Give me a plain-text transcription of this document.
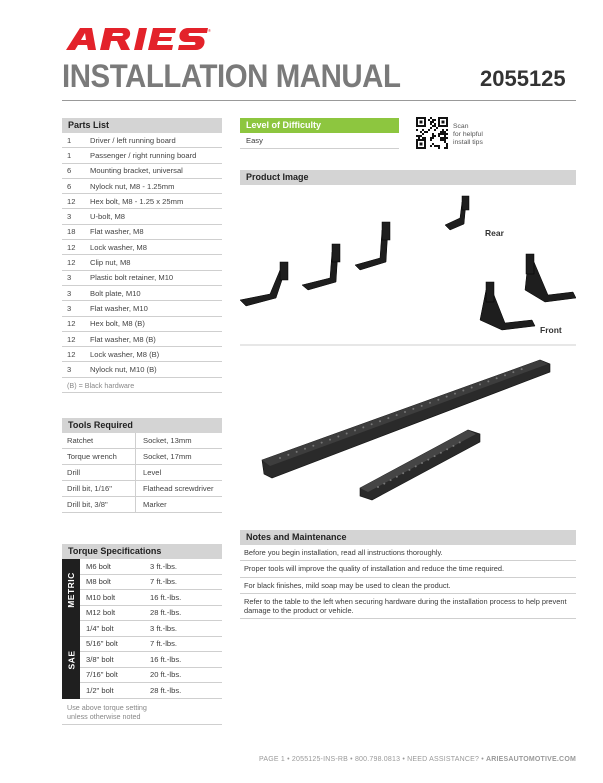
®
ARIES
INSTALLATION MANUAL	2055125
Parts List
1	Driver / left running board
1	Passenger / right running board
6	Mounting bracket, universal
6	Nylock nut, M8 - 1.25mm
12	Hex bolt, M8 - 1.25 x 25mm
3	U-bolt, M8
18	Flat washer, M8
12	Lock washer, M8
12	Clip nut, M8
3	Plastic bolt retainer, M10
3	Bolt plate, M10
3	Flat washer, M10
12	Hex bolt, M8 (B)
12	Flat washer, M8 (B)
12	Lock washer, M8 (B)
3	Nylock nut, M10 (B)
(B) = Black hardware
Tools Required
Ratchet	Socket, 13mm
Torque wrench	Socket, 17mm
Drill	Level
Drill bit, 1/16"	Flathead screwdriver
Drill bit, 3/8"	Marker
Torque Specifications
METRIC
M6 bolt	3 ft.-lbs.
M8 bolt	7 ft.-lbs.
M10 bolt	16 ft.-lbs.
M12 bolt	28 ft.-lbs.
SAE
1/4" bolt	3 ft.-lbs.
5/16" bolt	7 ft.-lbs.
3/8" bolt	16 ft.-lbs.
7/16" bolt	20 ft.-lbs.
1/2" bolt	28 ft.-lbs.
Use above torque setting
unless otherwise noted
Level of Difficulty
Easy
Scan
for helpful
install tips
Product Image
Rear
Front
Notes and Maintenance
Before you begin installation, read all instructions thoroughly.
Proper tools will improve the quality of installation and reduce the time required.
For black finishes, mild soap may be used to clean the product.
Refer to the table to the left when securing hardware during the installation process to help prevent damage to the product or vehicle.
PAGE 1 • 2055125-INS-RB • 800.798.0813 • NEED ASSISTANCE? • ARIESAUTOMOTIVE.COM
